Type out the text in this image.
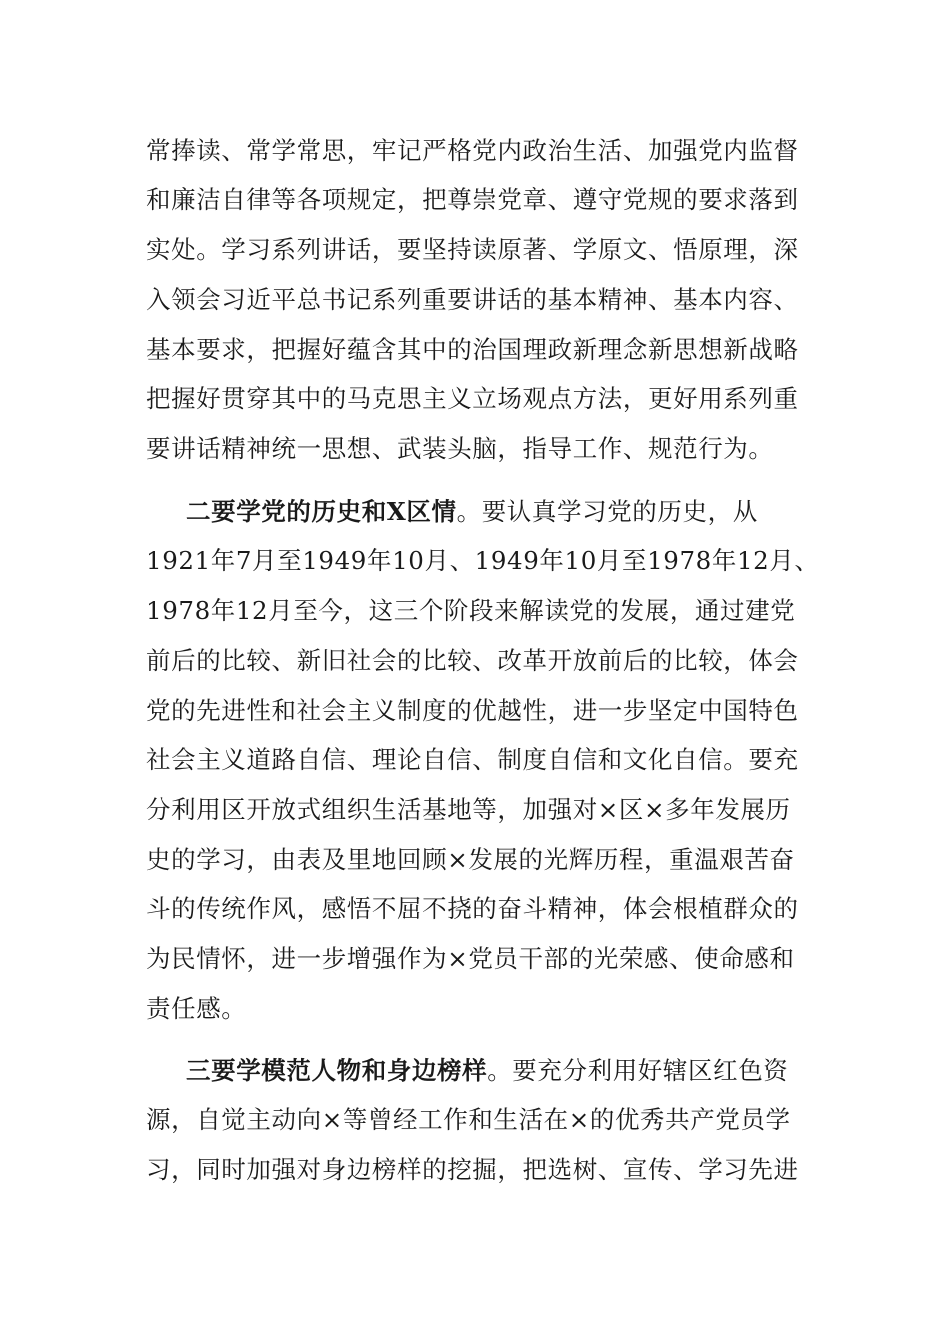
常捧读、常学常思，牢记严格党内政治生活、加强党内监督
和廉洁自律等各项规定，把尊崇党章、遵守党规的要求落到
实处。学习系列讲话，要坚持读原著、学原文、悟原理，深
入领会习近平总书记系列重要讲话的基本精神、基本内容、
基本要求，把握好蕴含其中的治国理政新理念新思想新战略
把握好贯穿其中的马克思主义立场观点方法，更好用系列重
要讲话精神统一思想、武装头脑，指导工作、规范行为。
二要学党的历史和X区情。要认真学习党的历史，从
1921年7月至1949年10月、1949年10月至1978年12月、
1978年12月至今，这三个阶段来解读党的发展，通过建党
前后的比较、新旧社会的比较、改革开放前后的比较，体会
党的先进性和社会主义制度的优越性，进一步坚定中国特色
社会主义道路自信、理论自信、制度自信和文化自信。要充
分利用区开放式组织生活基地等，加强对×区×多年发展历
史的学习，由表及里地回顾×发展的光辉历程，重温艰苦奋
斗的传统作风，感悟不屈不挠的奋斗精神，体会根植群众的
为民情怀，进一步增强作为×党员干部的光荣感、使命感和
责任感。
三要学模范人物和身边榜样。要充分利用好辖区红色资
源，自觉主动向×等曾经工作和生活在×的优秀共产党员学
习，同时加强对身边榜样的挖掘，把选树、宣传、学习先进
